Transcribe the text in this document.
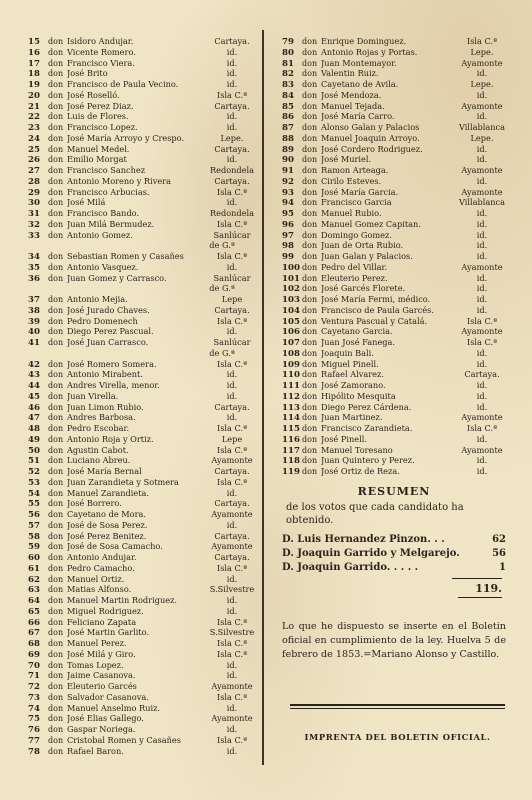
15	don Isidoro Andujar.	Cartaya.
16	don Vicente Romero.	id.
17	don Francisco Viera.	id.
18	don José Brito	id.
19	don Francisco de Paula Vecino.	id.
20	don José Roselló.	Isla C.ª
21	don José Perez Diaz.	Cartaya.
22	don Luis de Flores.	id.
23	don Francisco Lopez.	id.
24	don José María Arroyo y Crespo.	Lepe.
25	don Manuel Medel.	Cartaya.
26	don Emilio Morgat	id.
27	don Francisco Sanchez	Redondela
28	don Antonio Moreno y Rivera	Cartaya.
29	don Francisco Arbucias.	Isla C.ª
30	don José Milá	id.
31	don Francisco Bando.	Redondela
32	don Juan Milá Bermudez.	Isla C.ª
33	don Antonio Gomez.	Sanlúcar
de G.ª
34	don Sebastian Romen y Casañes	Isla C.ª
35	don Antonio Vasquez.	id.
36	don Juan Gomez y Carrasco.	Sanlúcar
de G.ª
37	don Antonio Mejia.	Lepe
38	don José Jurado Chaves.	Cartaya.
39	don Pedro Domenech	Isla C.ª
40	don Diego Perez Pascual.	id.
41	don José Juan Carrasco.	Sanlúcar
de G.ª
42	don José Romero Somera.	Isla C.ª
43	don Antonio Mirabent.	id.
44	don Andres Virella, menor.	id.
45	don Juan Virella.	id.
46	don Juan Limon Rubio.	Cartaya.
47	don Andres Barbosa.	id.
48	don Pedro Escobar.	Isla C.ª
49	don Antonio Roja y Ortiz.	Lepe
50	don Agustin Cabot.	Isla C.ª
51	don Luciano Abreu.	Ayamonte
52	don José María Bernal	Cartaya.
53	don Juan Zarandieta y Sotmera	Isla C.ª
54	don Manuel Zarandieta.	id.
55	don José Borrero.	Cartaya.
56	don Cayetano de Mora.	Ayamonte
57	don José de Sosa Perez.	id.
58	don José Perez Benitez.	Cartaya.
59	don José de Sosa Camacho.	Ayamonte
60	don Antonio Andujar.	Cartaya.
61	don Pedro Camacho.	Isla C.ª
62	don Manuel Ortiz.	id.
63	don Matias Alfonso.	S.Silvestre
64	don Manuel Martin Rodriguez.	id.
65	don Miguel Rodriguez.	id.
66	don Feliciano Zapata	Isla C.ª
67	don José Martin Garlito.	S.Silvestre
68	don Manuel Perez.	Isla C.ª
69	don José Milá y Giro.	Isla C.ª
70	don Tomas Lopez.	id.
71	don Jaime Casanova.	id.
72	don Eleuterio Garcés	Ayamonte
73	don Salvador Casanova.	Isla C.ª
74	don Manuel Anselmo Ruiz.	id.
75	don José Elias Gallego.	Ayamonte
76	don Gaspar Noriega.	id.
77	don Cristobal Romen y Casañes	Isla C.ª
78	don Rafael Baron.	id.
79	don Enrique Dominguez.	Isla C.ª
80	don Antonio Rojas y Portas.	Lepe.
81	don Juan Montemayor.	Ayamonte
82	don Valentin Ruiz.	id.
83	don Cayetano de Avila.	Lepe.
84	don José Mendoza.	id.
85	don Manuel Tejada.	Ayamonte
86	don José María Carro.	id.
87	don Alonso Galan y Palacios	Villablanca
88	don Manuel Joaquin Arroyo.	Lepe.
89	don José Cordero Rodriguez.	id.
90	don José Muriel.	id.
91	don Ramon Arteaga.	Ayamonte
92	don Cirilo Esteves.	id.
93	don José María Garcia.	Ayamonte
94	don Francisco Garcia	Villablanca
95	don Manuel Rubio.	id.
96	don Manuel Gomez Capitan.	id.
97	don Domingo Gomez.	id.
98	don Juan de Orta Rubio.	id.
99	don Juan Galan y Palacios.	id.
100 don Pedro del Villar.	Ayamonte
101 don Eleuterio Perez.	id.
102 don José Garcés Florete.	id.
103 don José María Fermi, médico.	id.
104 don Francisco de Paula Garcés.	id.
105 don Ventura Pascual y Catalá.	Isla C.ª
106 don Cayetano Garcia.	Ayamonte
107 don Juan José Fanega.	Isla C.ª
108 don Joaquin Bali.	id.
109 don Miguel Pinell.	id.
110 don Rafael Alvarez.	Cartaya.
111 don José Zamorano.	id.
112 don Hipólito Mesquita	id.
113 don Diego Perez Cárdena.	id.
114 don Juan Martinez.	Ayamonte
115 don Francisco Zarandieta.	Isla C.ª
116 don José Pinell.	id.
117 don Manuel Toresano	Ayamonte
118 don Juan Quintero y Perez.	id.
119 don José Ortiz de Reza.	id.
RESUMEN
de los votos que cada candidato ha obtenido.
D. Luis Hernandez Pinzon. . .	62
D. Joaquin Garrido y Melgarejo.	56
D. Joaquin Garrido. . . . .	1
119.
Lo que he dispuesto se inserte en el Boletin oficial en cumplimiento de la ley. Huelva 5 de febrero de 1853.=Mariano Alonso y Castillo.
IMPRENTA DEL BOLETIN OFICIAL.
